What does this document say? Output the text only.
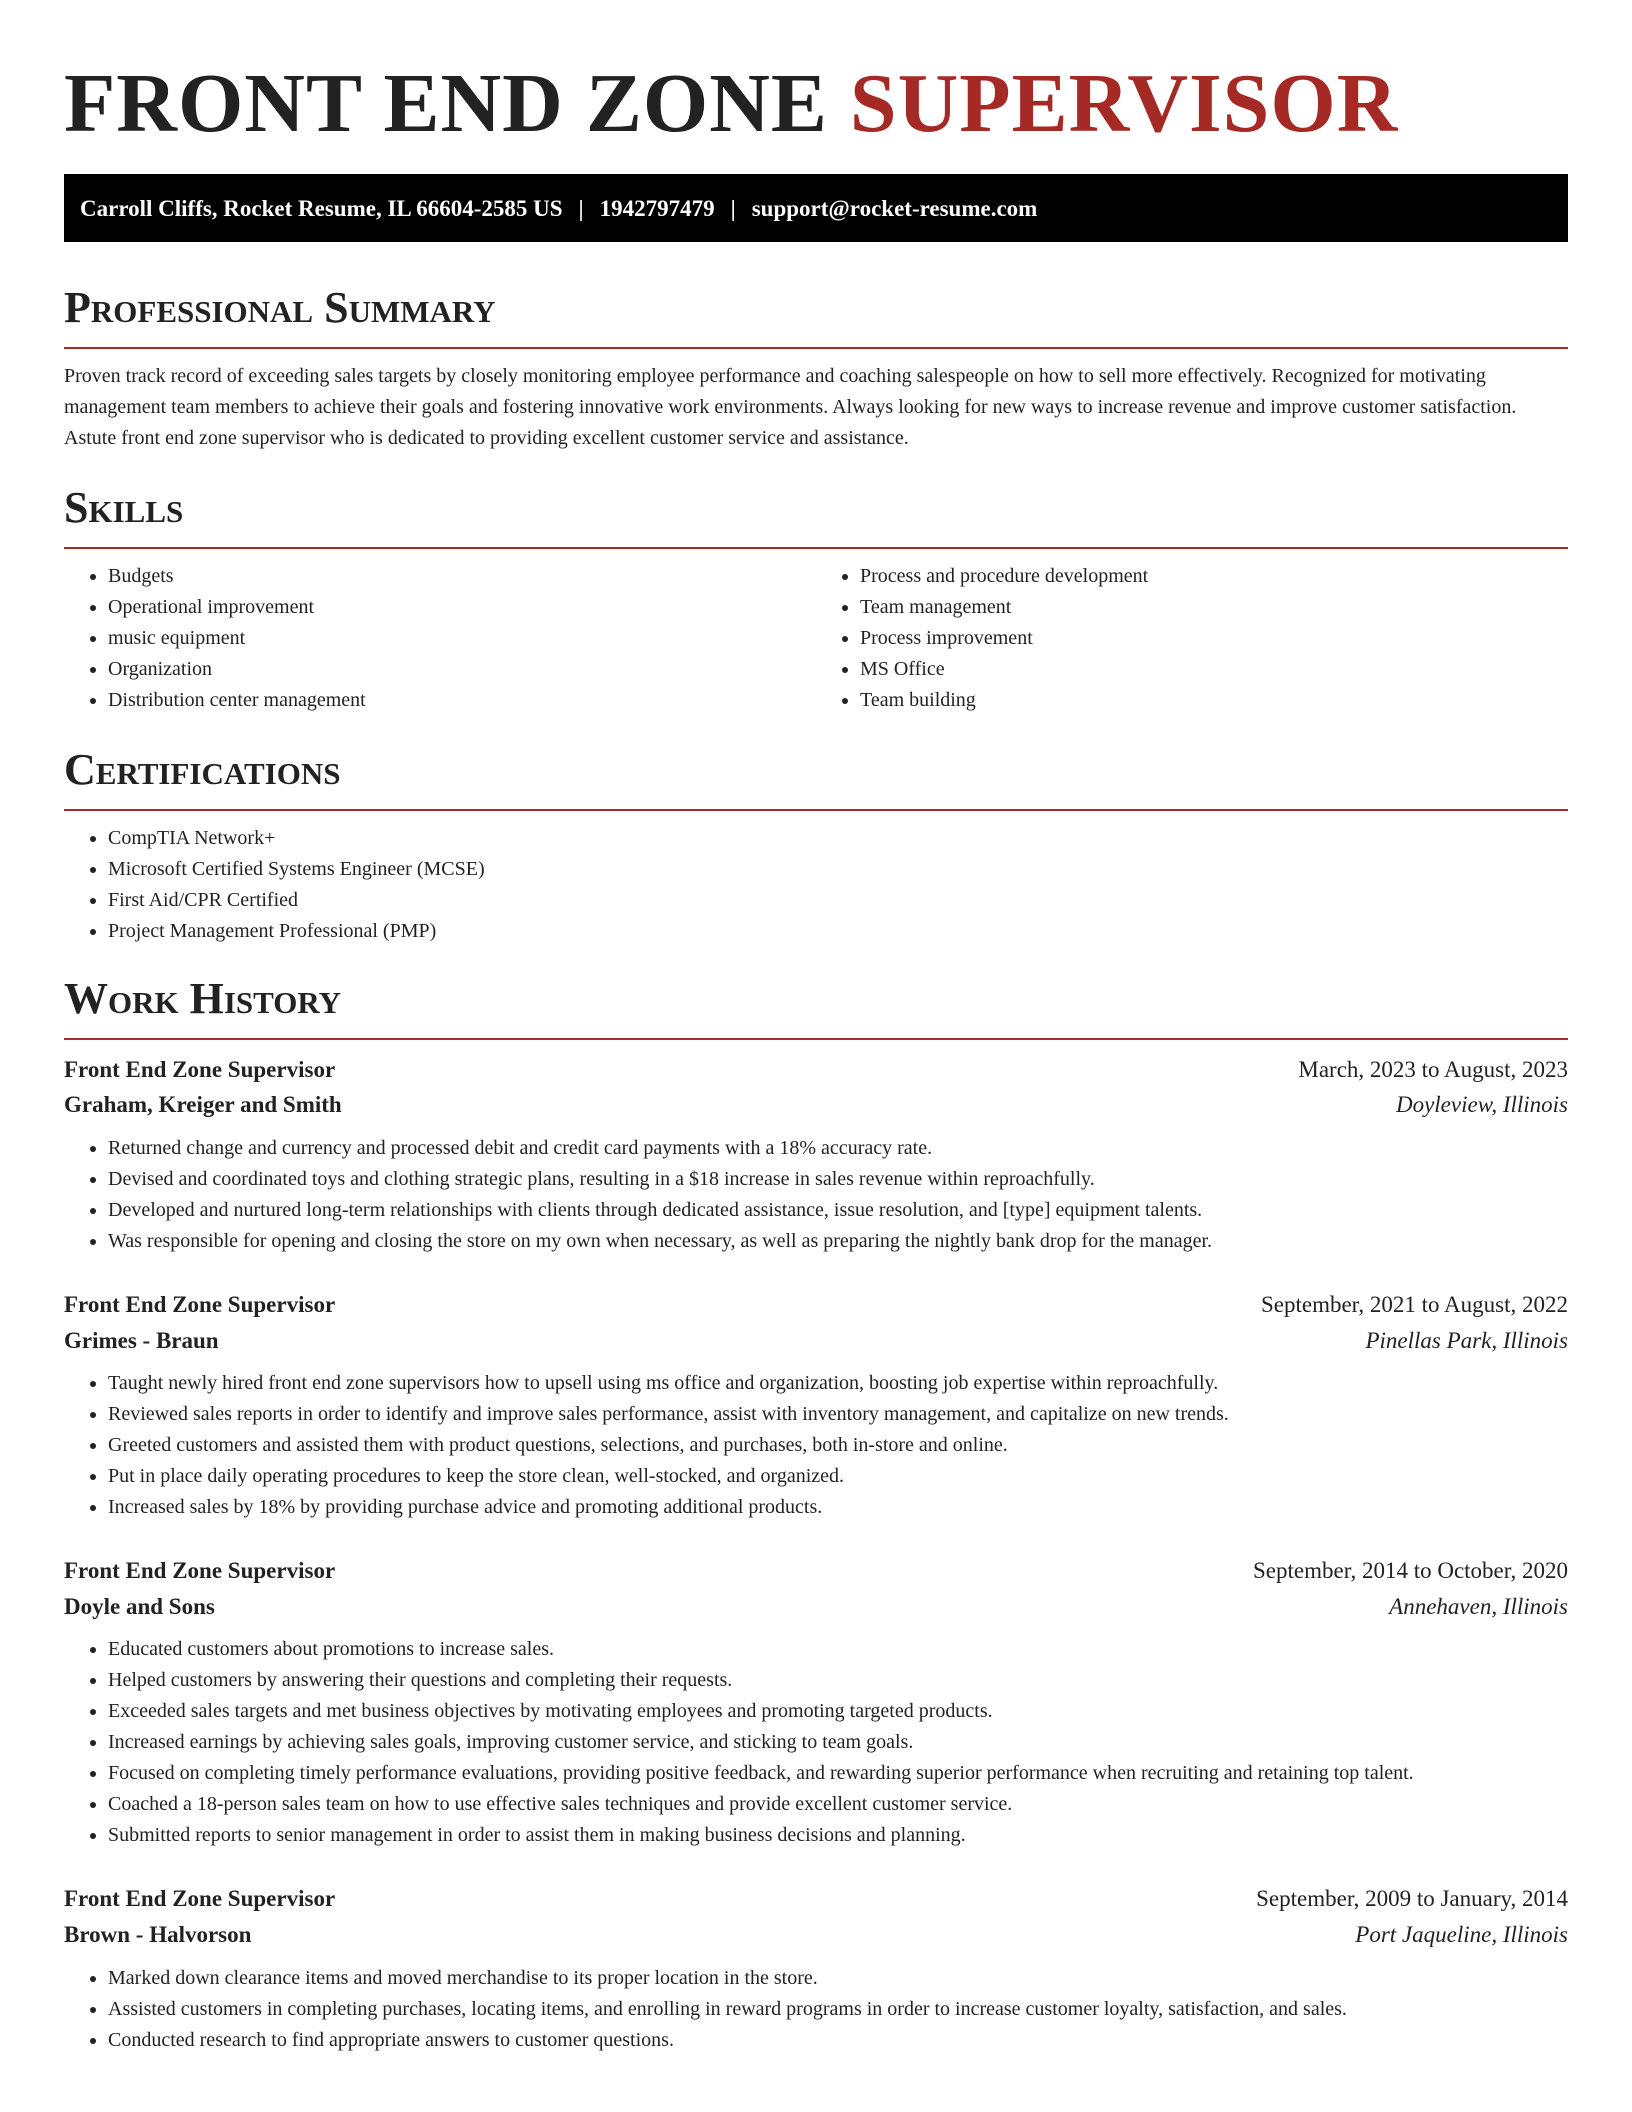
FRONT END ZONE SUPERVISOR
Carroll Cliffs, Rocket Resume, IL 66604-2585 US | 1942797479 | support@rocket-resume.com
Professional Summary

Proven track record of exceeding sales targets by closely monitoring employee performance and coaching salespeople on how to sell more effectively. Recognized for motivating management team members to achieve their goals and fostering innovative work environments. Always looking for new ways to increase revenue and improve customer satisfaction. Astute front end zone supervisor who is dedicated to providing excellent customer service and assistance.

Skills
• Budgets
• Operational improvement
• music equipment
• Organization
• Distribution center management
• Process and procedure development
• Team management
• Process improvement
• MS Office
• Team building
Certifications
• CompTIA Network+
• Microsoft Certified Systems Engineer (MCSE)
• First Aid/CPR Certified
• Project Management Professional (PMP)
Work History
Front End Zone Supervisor	March, 2023 to August, 2023
Graham, Kreiger and Smith	Doyleview, Illinois
• Returned change and currency and processed debit and credit card payments with a 18% accuracy rate.
• Devised and coordinated toys and clothing strategic plans, resulting in a $18 increase in sales revenue within reproachfully.
• Developed and nurtured long-term relationships with clients through dedicated assistance, issue resolution, and [type] equipment talents.
• Was responsible for opening and closing the store on my own when necessary, as well as preparing the nightly bank drop for the manager.
Front End Zone Supervisor	September, 2021 to August, 2022
Grimes - Braun	Pinellas Park, Illinois
• Taught newly hired front end zone supervisors how to upsell using ms office and organization, boosting job expertise within reproachfully.
• Reviewed sales reports in order to identify and improve sales performance, assist with inventory management, and capitalize on new trends.
• Greeted customers and assisted them with product questions, selections, and purchases, both in-store and online.
• Put in place daily operating procedures to keep the store clean, well-stocked, and organized.
• Increased sales by 18% by providing purchase advice and promoting additional products.
Front End Zone Supervisor	September, 2014 to October, 2020
Doyle and Sons	Annehaven, Illinois
• Educated customers about promotions to increase sales.
• Helped customers by answering their questions and completing their requests.
• Exceeded sales targets and met business objectives by motivating employees and promoting targeted products.
• Increased earnings by achieving sales goals, improving customer service, and sticking to team goals.
• Focused on completing timely performance evaluations, providing positive feedback, and rewarding superior performance when recruiting and retaining top talent.
• Coached a 18-person sales team on how to use effective sales techniques and provide excellent customer service.
• Submitted reports to senior management in order to assist them in making business decisions and planning.
Front End Zone Supervisor	September, 2009 to January, 2014
Brown - Halvorson	Port Jaqueline, Illinois
• Marked down clearance items and moved merchandise to its proper location in the store.
• Assisted customers in completing purchases, locating items, and enrolling in reward programs in order to increase customer loyalty, satisfaction, and sales.
• Conducted research to find appropriate answers to customer questions.
